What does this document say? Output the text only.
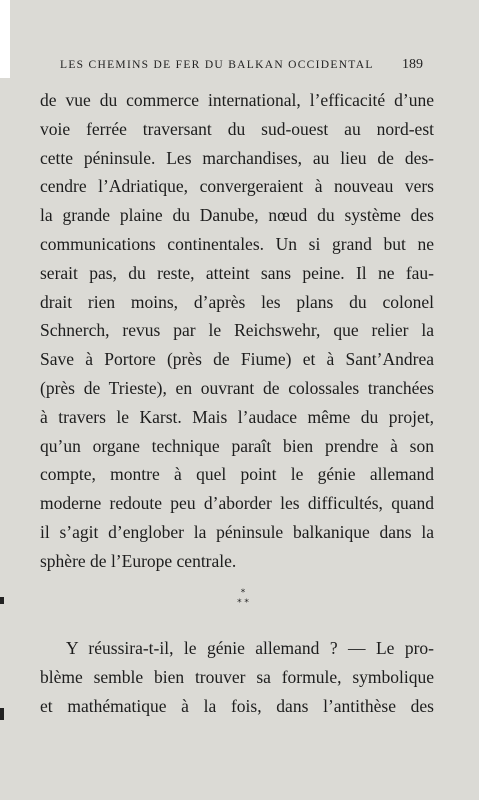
LES CHEMINS DE FER DU BALKAN OCCIDENTAL 189
de vue du commerce international, l’efficacité d’une
voie ferrée traversant du sud-ouest au nord-est
cette péninsule. Les marchandises, au lieu de des-
cendre l’Adriatique, convergeraient à nouveau vers
la grande plaine du Danube, nœud du système des
communications continentales. Un si grand but ne
serait pas, du reste, atteint sans peine. Il ne fau-
drait rien moins, d’après les plans du colonel
Schnerch, revus par le Reichswehr, que relier la
Save à Portore (près de Fiume) et à Sant’Andrea
(près de Trieste), en ouvrant de colossales tranchées
à travers le Karst. Mais l’audace même du projet,
qu’un organe technique paraît bien prendre à son
compte, montre à quel point le génie allemand
moderne redoute peu d’aborder les difficultés, quand
il s’agit d’englober la péninsule balkanique dans la
sphère de l’Europe centrale.
*
* *
Y réussira-t-il, le génie allemand ? — Le pro-
blème semble bien trouver sa formule, symbolique
et mathématique à la fois, dans l’antithèse des
